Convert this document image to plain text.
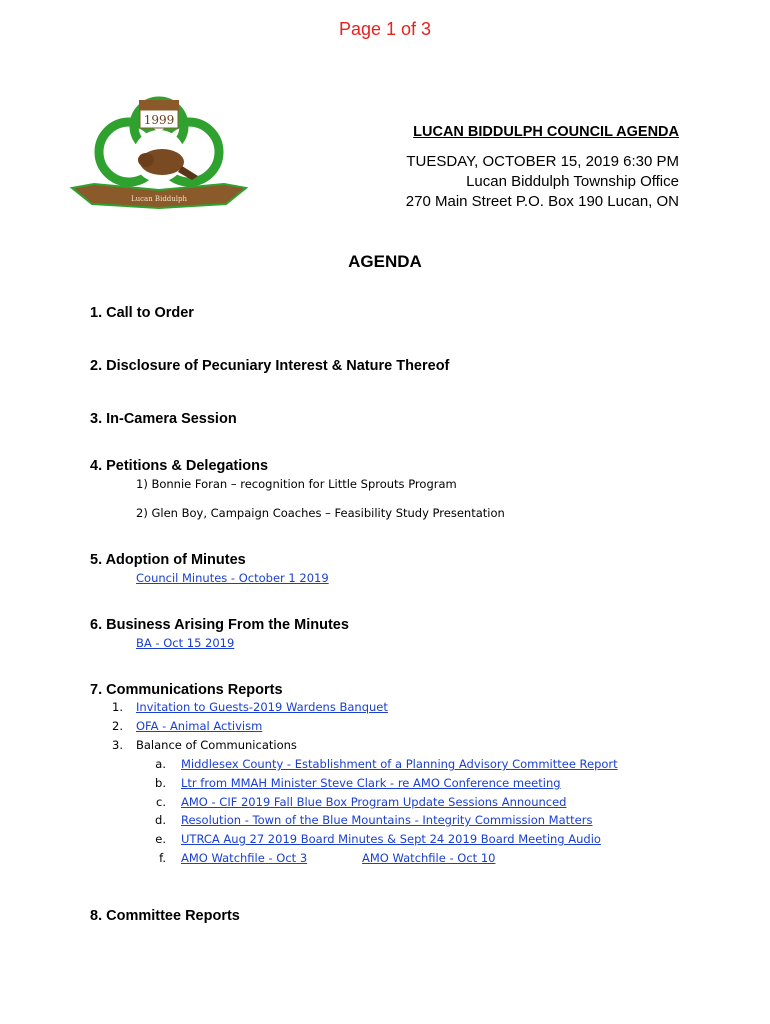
Page 1 of 3
1999
Lucan Biddulph
LUCAN BIDDULPH COUNCIL AGENDA
TUESDAY, OCTOBER 15, 2019 6:30 PM
Lucan Biddulph Township Office
270 Main Street P.O. Box 190 Lucan, ON
AGENDA
1. Call to Order
2. Disclosure of Pecuniary Interest & Nature Thereof
3. In-Camera Session
4. Petitions & Delegations
1) Bonnie Foran – recognition for Little Sprouts Program
2) Glen Boy, Campaign Coaches – Feasibility Study Presentation
5. Adoption of Minutes
Council Minutes - October 1 2019
6. Business Arising From the Minutes
BA - Oct 15 2019
7. Communications Reports
1. Invitation to Guests-2019 Wardens Banquet
2. OFA - Animal Activism
3. Balance of Communications
a. Middlesex County - Establishment of a Planning Advisory Committee Report
b. Ltr from MMAH Minister Steve Clark - re AMO Conference meeting
c. AMO - CIF 2019 Fall Blue Box Program Update Sessions Announced
d. Resolution - Town of the Blue Mountains - Integrity Commission Matters
e. UTRCA Aug 27 2019 Board Minutes & Sept 24 2019 Board Meeting Audio
f. AMO Watchfile - Oct 3	AMO Watchfile - Oct 10
8. Committee Reports
